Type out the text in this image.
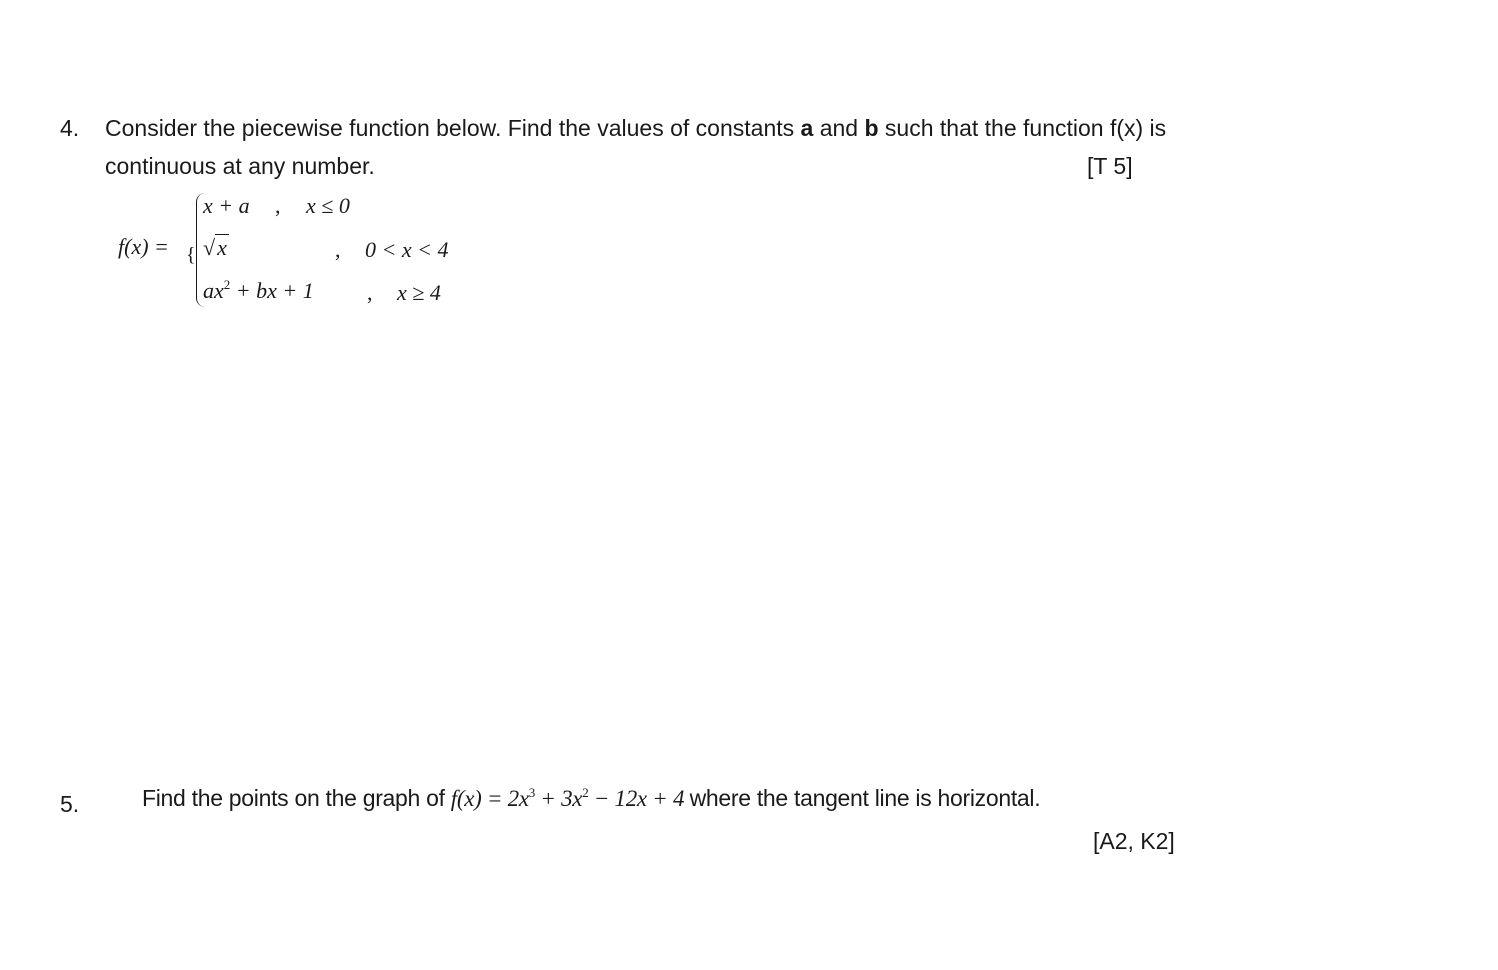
4. Consider the piecewise function below. Find the values of constants a and b such that the function f(x) is
continuous at any number.	[T 5]
f(x) = {
x + a , x ≤ 0
√x	, 0 < x < 4
$ax^2$ + bx + 1 , x ≥ 4
5.	Find the points on the graph of $f(x) = 2x^3 + 3x^2 - 12x + 4$ where the tangent line is horizontal.
[A2, K2]
